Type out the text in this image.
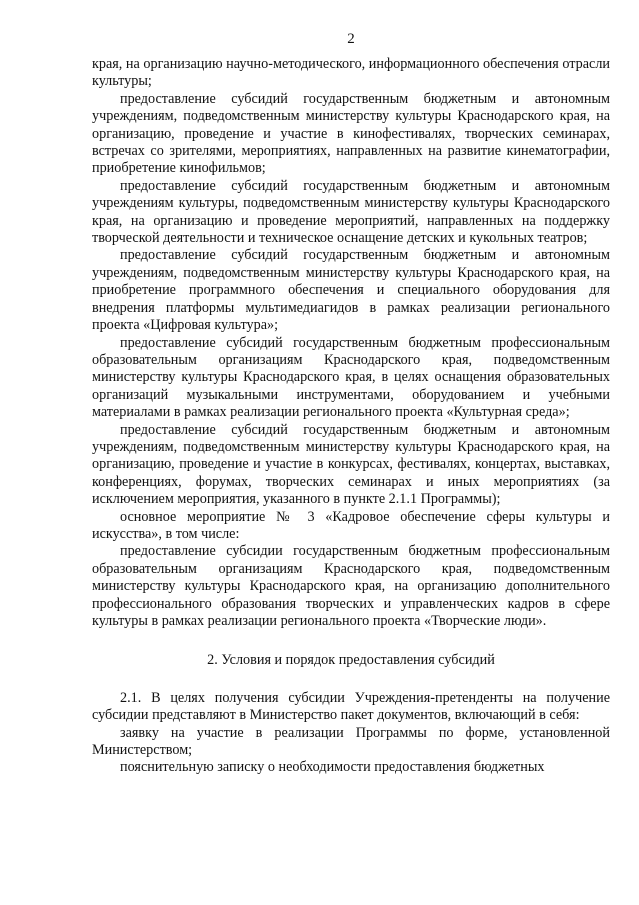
2

края, на организацию научно-методического, информационного обеспечения отрасли культуры;

предоставление субсидий государственным бюджетным и автономным учреждениям, подведомственным министерству культуры Краснодарского края, на организацию, проведение и участие в кинофестивалях, творческих семинарах, встречах со зрителями, мероприятиях, направленных на развитие кинематографии, приобретение кинофильмов;

предоставление субсидий государственным бюджетным и автономным учреждениям культуры, подведомственным министерству культуры Краснодарского края, на организацию и проведение мероприятий, направленных на поддержку творческой деятельности и техническое оснащение детских и кукольных театров;

предоставление субсидий государственным бюджетным и автономным учреждениям, подведомственным министерству культуры Краснодарского края, на приобретение программного обеспечения и специального оборудования для внедрения платформы мультимедиагидов в рамках реализации регионального проекта «Цифровая культура»;

предоставление субсидий государственным бюджетным профессиональным образовательным организациям Краснодарского края, подведомственным министерству культуры Краснодарского края, в целях оснащения образовательных организаций музыкальными инструментами, оборудованием и учебными материалами в рамках реализации регионального проекта «Культурная среда»;

предоставление субсидий государственным бюджетным и автономным учреждениям, подведомственным министерству культуры Краснодарского края, на организацию, проведение и участие в конкурсах, фестивалях, концертах, выставках, конференциях, форумах, творческих семинарах и иных мероприятиях (за исключением мероприятия, указанного в пункте 2.1.1 Программы);

основное мероприятие № 3 «Кадровое обеспечение сферы культуры и искусства», в том числе:

предоставление субсидии государственным бюджетным профессиональным образовательным организациям Краснодарского края, подведомственным министерству культуры Краснодарского края, на организацию дополнительного профессионального образования творческих и управленческих кадров в сфере культуры в рамках реализации регионального проекта «Творческие люди».

2. Условия и порядок предоставления субсидий

2.1. В целях получения субсидии Учреждения-претенденты на получение субсидии представляют в Министерство пакет документов, включающий в себя:

заявку на участие в реализации Программы по форме, установленной Министерством;

пояснительную записку о необходимости предоставления бюджетных
